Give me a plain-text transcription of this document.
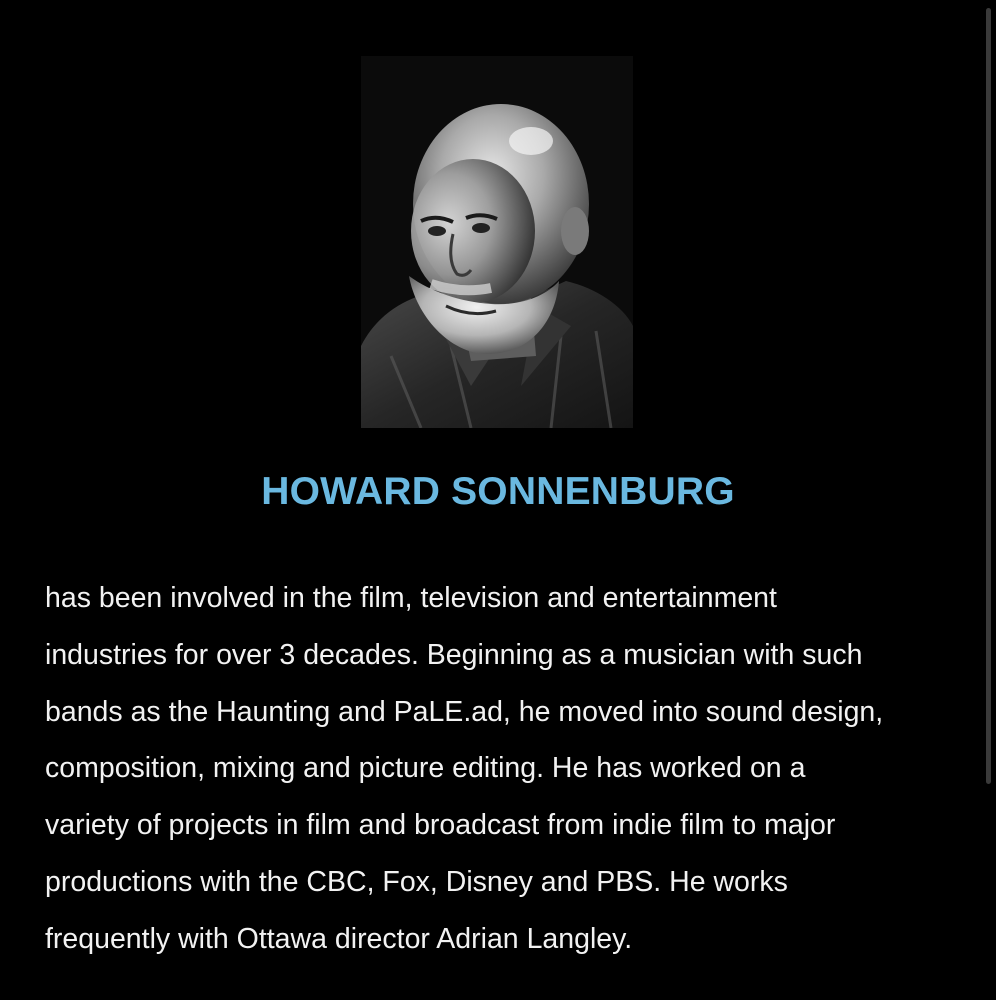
HOWARD SONNENBURG

has been involved in the film, television and entertainment
industries for over 3 decades. Beginning as a musician with such
bands as the Haunting and PaLE.ad, he moved into sound design,
composition, mixing and picture editing. He has worked on a
variety of projects in film and broadcast from indie film to major
productions with the CBC, Fox, Disney and PBS. He works
frequently with Ottawa director Adrian Langley.
